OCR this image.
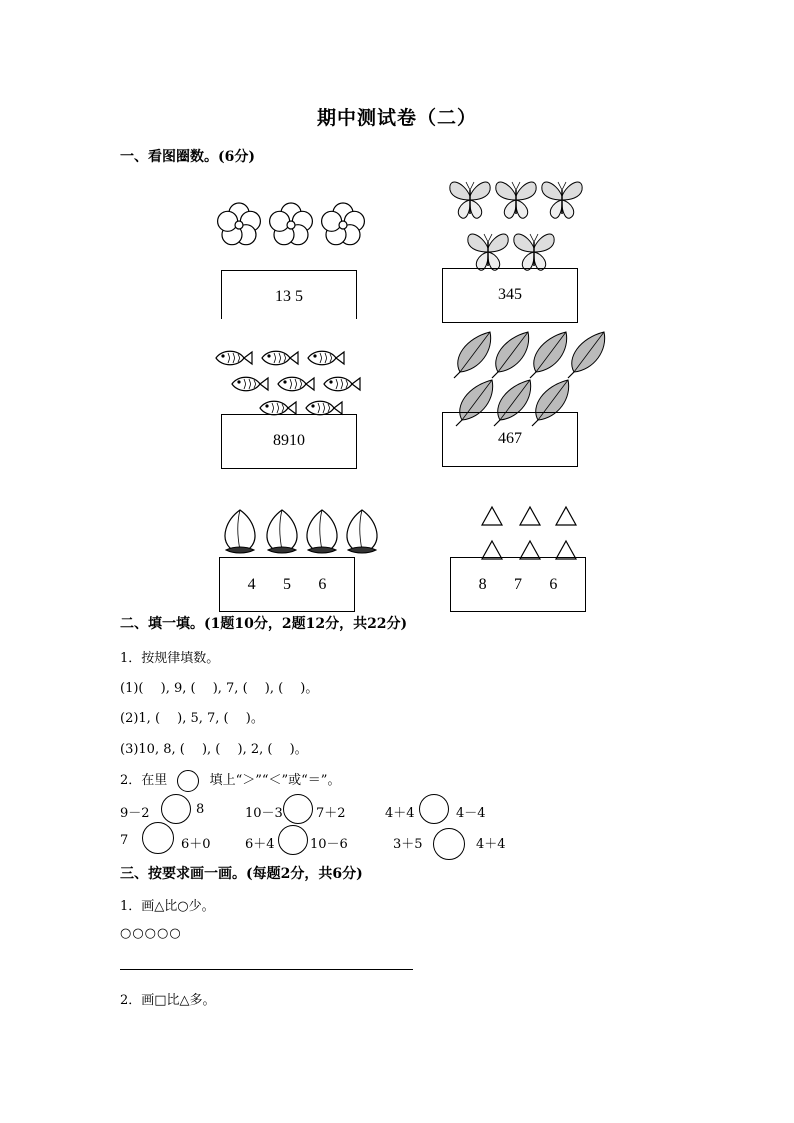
期中测试卷（二）
一、看图圈数。(6分)
13 5	345
8910	467
4 5 6	8 7 6
二、填一填。(1题10分，2题12分，共22分)
1．按规律填数。
(1)(　 ), 9, (　 ), 7, (　 ), (　 )。
(2)1, (　 ), 5, 7, (　 )。
(3)10, 8, (　 ), (　 ), 2, (　 )。
2．在里	填上“＞”“＜”或“＝”。
9－2	8	10－3	7＋2	4＋4	4－4
7	6＋0	6＋4	10－6	3＋5	4＋4
三、按要求画一画。(每题2分，共6分)
1．画△比○少。
○○○○○
2．画□比△多。
